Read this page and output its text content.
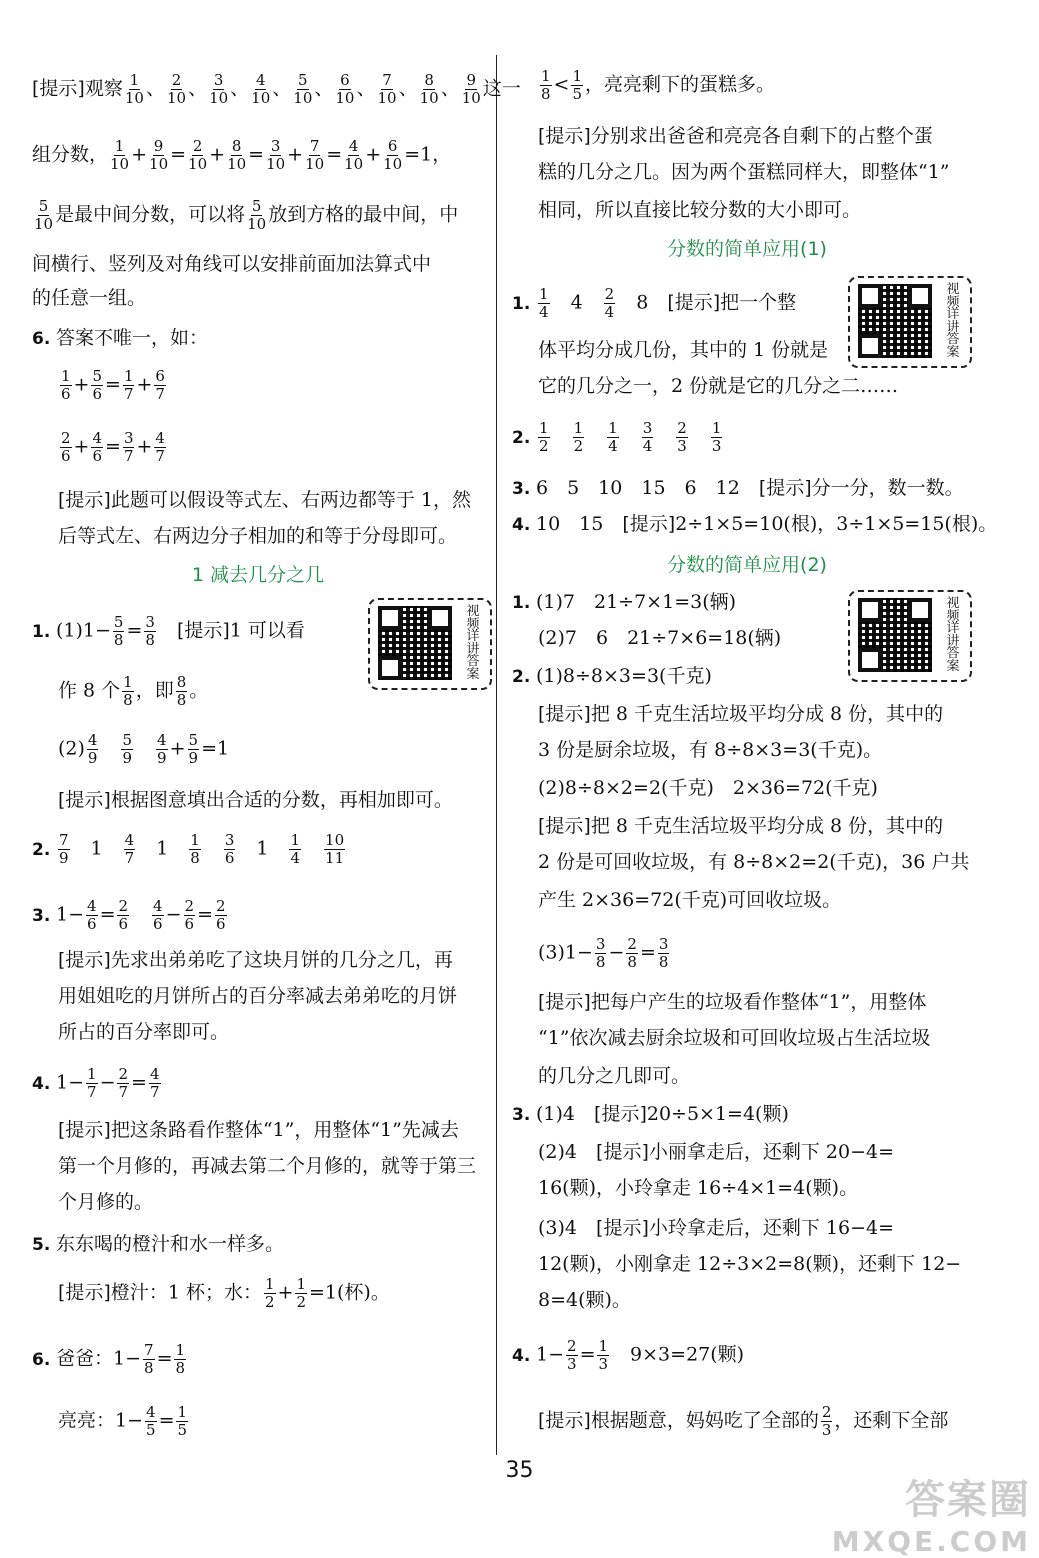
[提示]观察 $\frac{1}{10}$ 、 $\frac{2}{10}$ 、 $\frac{3}{10}$ 、 $\frac{4}{10}$ 、 $\frac{5}{10}$ 、 $\frac{6}{10}$ 、 $\frac{7}{10}$ 、 $\frac{8}{10}$ 、 $\frac{9}{10}$ 这一
组分数， $\frac{1}{10} + \frac{9}{10} = \frac{2}{10} + \frac{8}{10} = \frac{3}{10} + \frac{7}{10} = \frac{4}{10} + \frac{6}{10} =1$，
$\frac{5}{10}$ 是最中间分数，可以将 $\frac{5}{10}$ 放到方格的最中间，中
间横行、竖列及对角线可以安排前面加法算式中
的任意一组。
6. 答案不唯一，如：
$\frac{1}{6} + \frac{5}{6} = \frac{1}{7} + \frac{6}{7}$
$\frac{2}{6} + \frac{4}{6} = \frac{3}{7} + \frac{4}{7}$
[提示]此题可以假设等式左、右两边都等于 1，然
后等式左、右两边分子相加的和等于分母即可。
1 减去几分之几
1. $(1)1- \frac{5}{8} = \frac{3}{8}$
　 [提示]1 可以看
视频详讲答案
作 8 个 $\frac{1}{8}$ ，即 $\frac{8}{8}$ 。
$(2) \frac{4}{9}$
　 $\frac{5}{9}$
　 $\frac{4}{9} + \frac{5}{9} =1$
[提示]根据图意填出合适的分数，再相加即可。
2. $\frac{7}{9}$ 　1　 $\frac{4}{7}$ 　1　 $\frac{1}{8}$
　 $\frac{3}{6}$ 　1　 $\frac{1}{4}$
　 $\frac{10}{11}$
3. $1- \frac{4}{6} = \frac{2}{6}$
　 $\frac{4}{6} - \frac{2}{6} = \frac{2}{6}$
[提示]先求出弟弟吃了这块月饼的几分之几，再
用姐姐吃的月饼所占的百分率减去弟弟吃的月饼
所占的百分率即可。
4. $1- \frac{1}{7} - \frac{2}{7} = \frac{4}{7}$
[提示]把这条路看作整体“1”，用整体“1”先减去
第一个月修的，再减去第二个月修的，就等于第三
个月修的。
5. 东东喝的橙汁和水一样多。
[提示]橙汁：1 杯；水： $\frac{1}{2} + \frac{1}{2} =1$(杯)。
6. 爸爸：$1- \frac{7}{8} = \frac{1}{8}$
亮亮：$1- \frac{4}{5} = \frac{1}{5}$
$\frac{1}{8} < \frac{1}{5}$ ，亮亮剩下的蛋糕多。
[提示]分别求出爸爸和亮亮各自剩下的占整个蛋
糕的几分之几。因为两个蛋糕同样大，即整体“1”
相同，所以直接比较分数的大小即可。
分数的简单应用(1)
1. $\frac{1}{4}$
　 4　 $\frac{2}{4}$
　 8　 [提示]把一个整
视频详讲答案
体平均分成几份，其中的 1 份就是
它的几分之一，2 份就是它的几分之二……
2. $\frac{1}{2}$
　 $\frac{1}{2}$
　 $\frac{1}{4}$
　 $\frac{3}{4}$
　 $\frac{2}{3}$
　 $\frac{1}{3}$
3. 6　5　10　15　6　12　 [提示]分一分，数一数。
4. 10　15　 [提示]2÷1×5=10(根)，3÷1×5=15(根)。
分数的简单应用(2)
1. (1)7　21÷7×1=3(辆)	视频详讲答案
(2)7　6　21÷7×6=18(辆)
2. (1)8÷8×3=3(千克)
[提示]把 8 千克生活垃圾平均分成 8 份，其中的
3 份是厨余垃圾，有 8÷8×3=3(千克)。
(2)8÷8×2=2(千克)　2×36=72(千克)
[提示]把 8 千克生活垃圾平均分成 8 份，其中的
2 份是可回收垃圾，有 8÷8×2=2(千克)，36 户共
产生 2×36=72(千克)可回收垃圾。
$(3)1- \frac{3}{8} - \frac{2}{8} = \frac{3}{8}$
[提示]把每户产生的垃圾看作整体“1”，用整体
“1”依次减去厨余垃圾和可回收垃圾占生活垃圾
的几分之几即可。
3. (1)4　 [提示]20÷5×1=4(颗)
(2)4　 [提示]小丽拿走后，还剩下 20−4=
16(颗)，小玲拿走 16÷4×1=4(颗)。
(3)4　 [提示]小玲拿走后，还剩下 16−4=
12(颗)，小刚拿走 12÷3×2=8(颗)，还剩下 12−
8=4(颗)。
4. $1- \frac{2}{3} = \frac{1}{3}$
　 9×3=27(颗)
[提示]根据题意，妈妈吃了全部的 $\frac{2}{3}$ ，还剩下全部
35
答案圈
MXQE.COM
